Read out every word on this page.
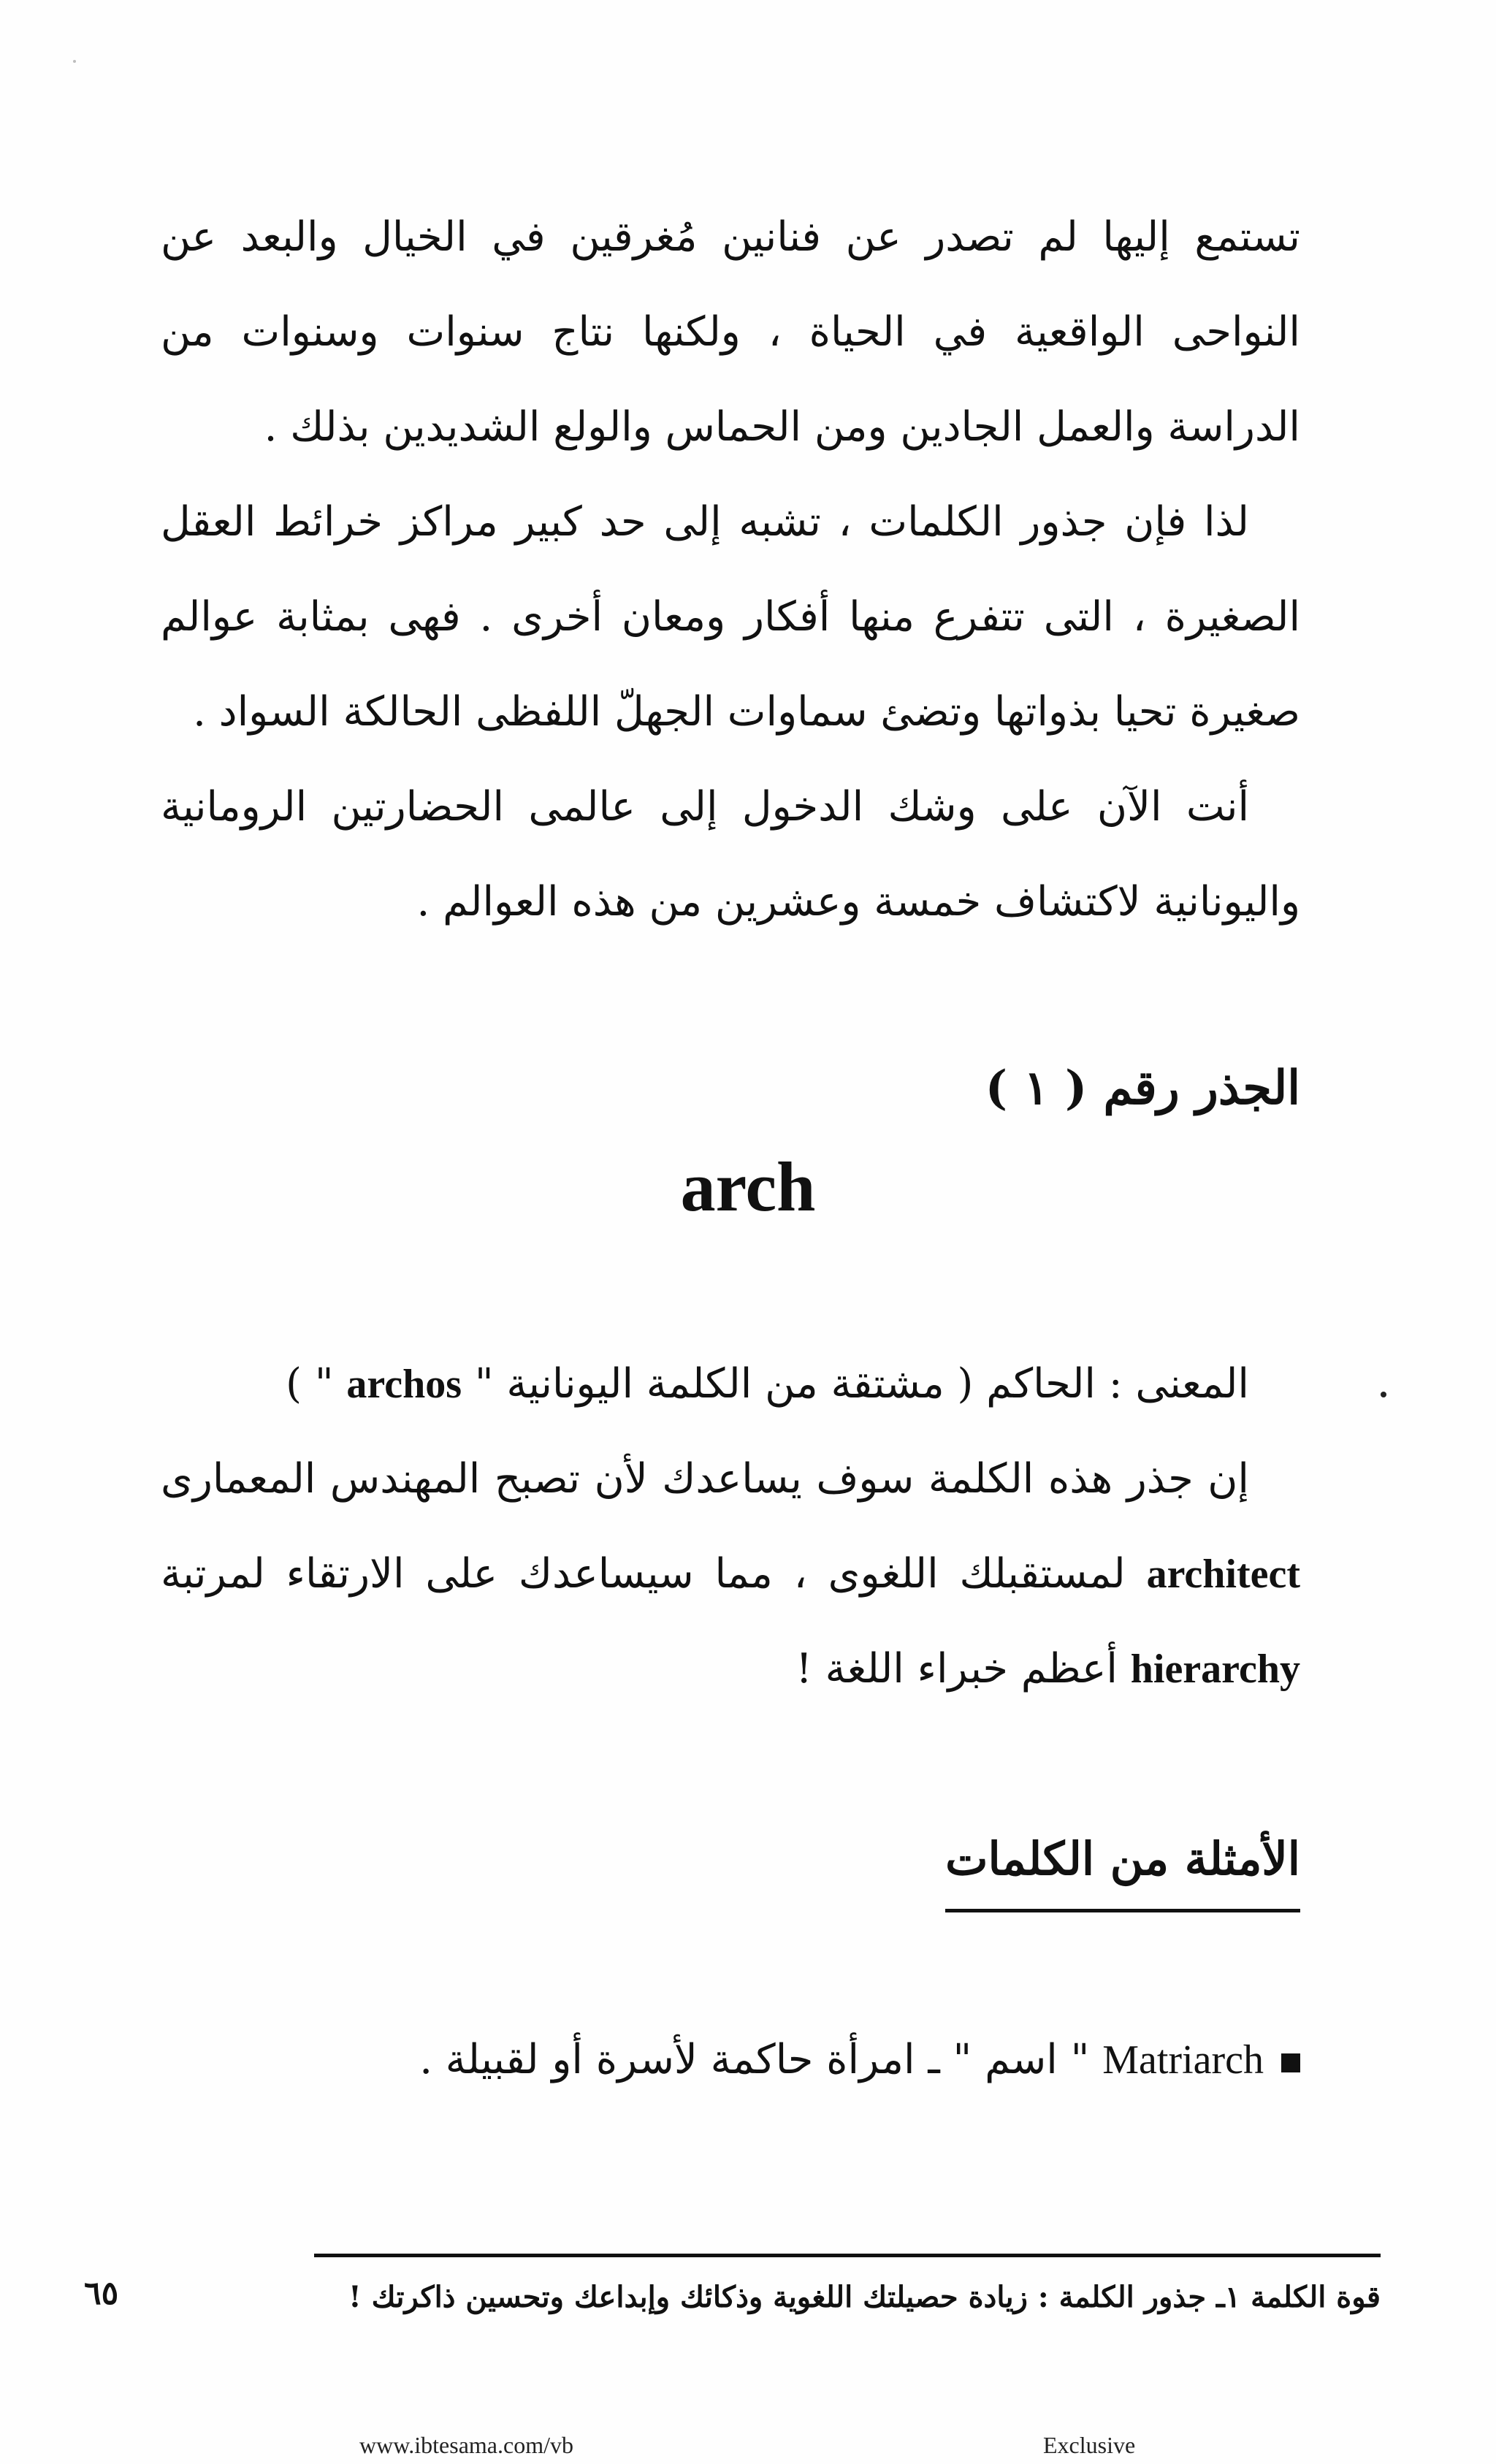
تستمع إليها لم تصدر عن فنانين مُغرقين في الخيال والبعد عن النواحى الواقعية في الحياة ، ولكنها نتاج سنوات وسنوات من الدراسة والعمل الجادين ومن الحماس والولع الشديدين بذلك .

لذا فإن جذور الكلمات ، تشبه إلى حد كبير مراكز خرائط العقل الصغيرة ، التى تتفرع منها أفكار ومعان أخرى . فهى بمثابة عوالم صغيرة تحيا بذواتها وتضئ سماوات الجهلّ اللفظى الحالكة السواد .

أنت الآن على وشك الدخول إلى عالمى الحضارتين الرومانية واليونانية لاكتشاف خمسة وعشرين من هذه العوالم .

الجذر رقم ( ١ )
arch

المعنى : الحاكم ( مشتقة من الكلمة اليونانية " archos " )

إن جذر هذه الكلمة سوف يساعدك لأن تصبح المهندس المعمارى architect لمستقبلك اللغوى ، مما سيساعدك على الارتقاء لمرتبة hierarchy أعظم خبراء اللغة !

الأمثلة من الكلمات
Matriarch " اسم " ـ امرأة حاكمة لأسرة أو لقبيلة .
قوة الكلمة ١ـ جذور الكلمة : زيادة حصيلتك اللغوية وذكائك وإبداعك وتحسين ذاكرتك !
٦٥
www.ibtesama.com/vb	Exclusive
